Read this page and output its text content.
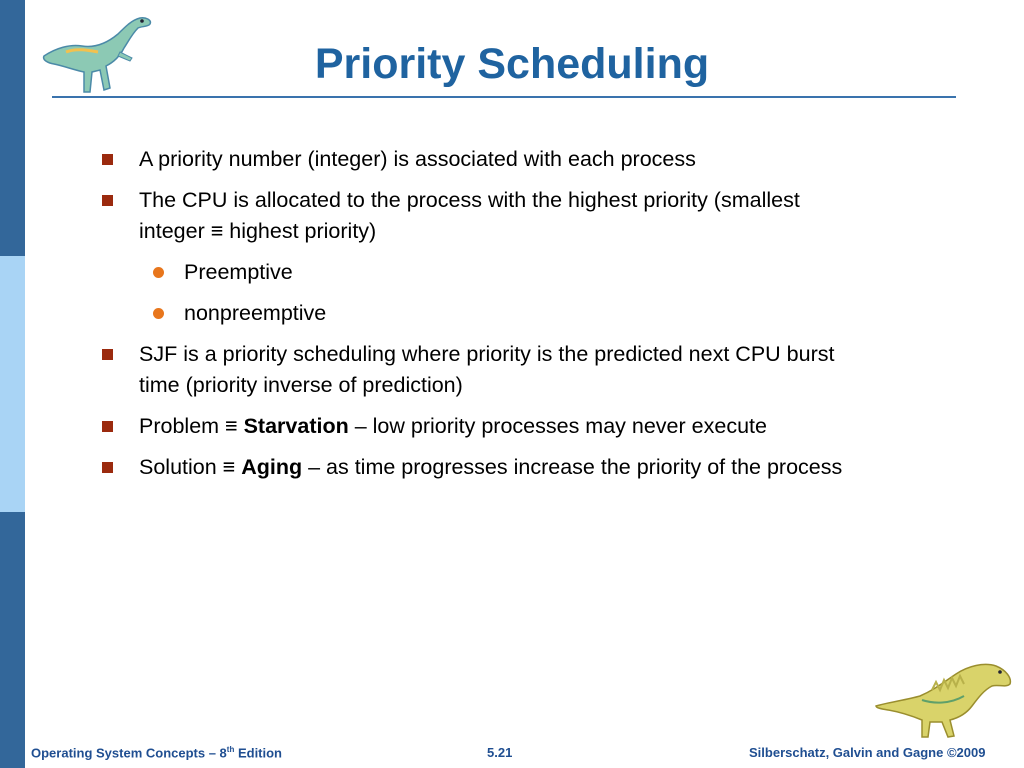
Priority Scheduling
A priority number (integer) is associated with each process
The CPU is allocated to the process with the highest priority (smallest
integer ≡ highest priority)
Preemptive
nonpreemptive
SJF is a priority scheduling where priority is the predicted next CPU burst
time (priority inverse of prediction)
Problem ≡ Starvation – low priority processes may never execute
Solution ≡ Aging – as time progresses increase the priority of the process
Operating System Concepts – 8th Edition	5.21	Silberschatz, Galvin and Gagne ©2009
